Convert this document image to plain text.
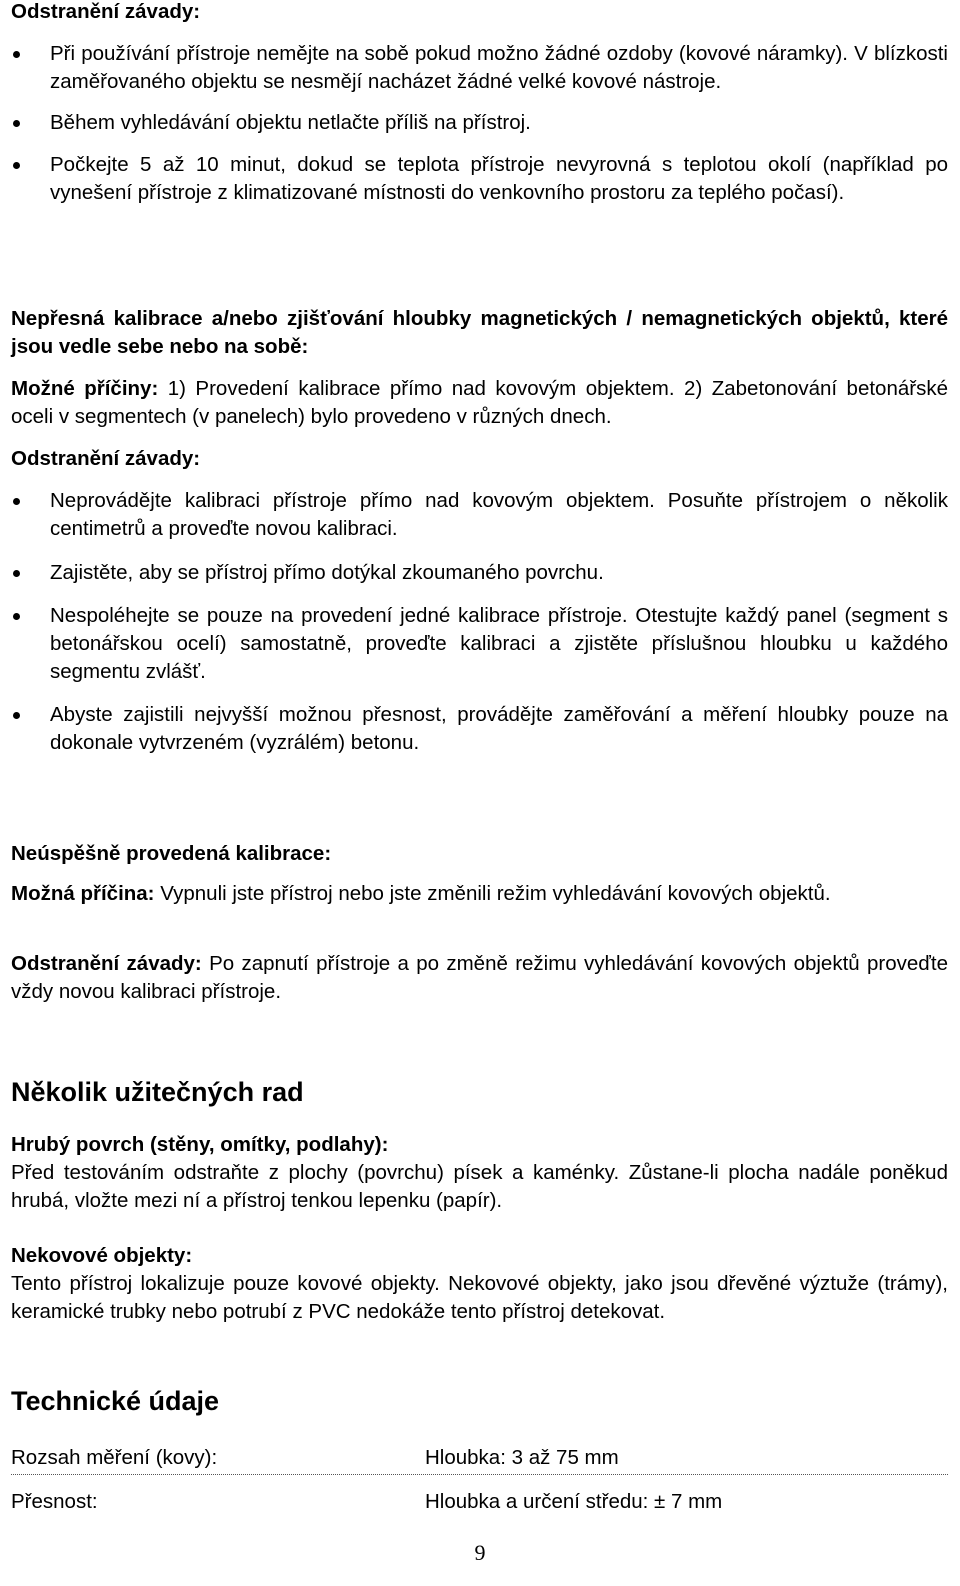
Odstranění závady:
Při používání přístroje nemějte na sobě pokud možno žádné ozdoby (kovové náramky). V blízkosti zaměřovaného objektu se nesmějí nacházet žádné velké kovové nástroje.
Během vyhledávání objektu netlačte příliš na přístroj.
Počkejte 5 až 10 minut, dokud se teplota přístroje nevyrovná s teplotou okolí (například po vynešení přístroje z klimatizované místnosti do venkovního prostoru za teplého počasí).
Nepřesná kalibrace a/nebo zjišťování hloubky magnetických / nemagnetických objektů, které jsou vedle sebe nebo na sobě:
Možné příčiny: 1) Provedení kalibrace přímo nad kovovým objektem. 2) Zabetonování betonářské oceli v segmentech (v panelech) bylo provedeno v různých dnech.
Odstranění závady:
Neprovádějte kalibraci přístroje přímo nad kovovým objektem. Posuňte přístrojem o několik centimetrů a proveďte novou kalibraci.
Zajistěte, aby se přístroj přímo dotýkal zkoumaného povrchu.
Nespoléhejte se pouze na provedení jedné kalibrace přístroje. Otestujte každý panel (segment s betonářskou ocelí) samostatně, proveďte kalibraci a zjistěte příslušnou hloubku u každého segmentu zvlášť.
Abyste zajistili nejvyšší možnou přesnost, provádějte zaměřování a měření hloubky pouze na dokonale vytvrzeném (vyzrálém) betonu.
Neúspěšně provedená kalibrace:
Možná příčina: Vypnuli jste přístroj nebo jste změnili režim vyhledávání kovových objektů.
Odstranění závady: Po zapnutí přístroje a po změně režimu vyhledávání kovových objektů proveďte vždy novou kalibraci přístroje.
Několik užitečných rad
Hrubý povrch (stěny, omítky, podlahy):
Před testováním odstraňte z plochy (povrchu) písek a kaménky. Zůstane-li plocha nadále poněkud hrubá, vložte mezi ní a přístroj tenkou lepenku (papír).
Nekovové objekty:
Tento přístroj lokalizuje pouze kovové objekty. Nekovové objekty, jako jsou dřevěné výztuže (trámy), keramické trubky nebo potrubí z PVC nedokáže tento přístroj detekovat.
Technické údaje
Rozsah měření (kovy):	Hloubka: 3 až 75 mm
Přesnost:	Hloubka a určení středu: ± 7 mm
9
